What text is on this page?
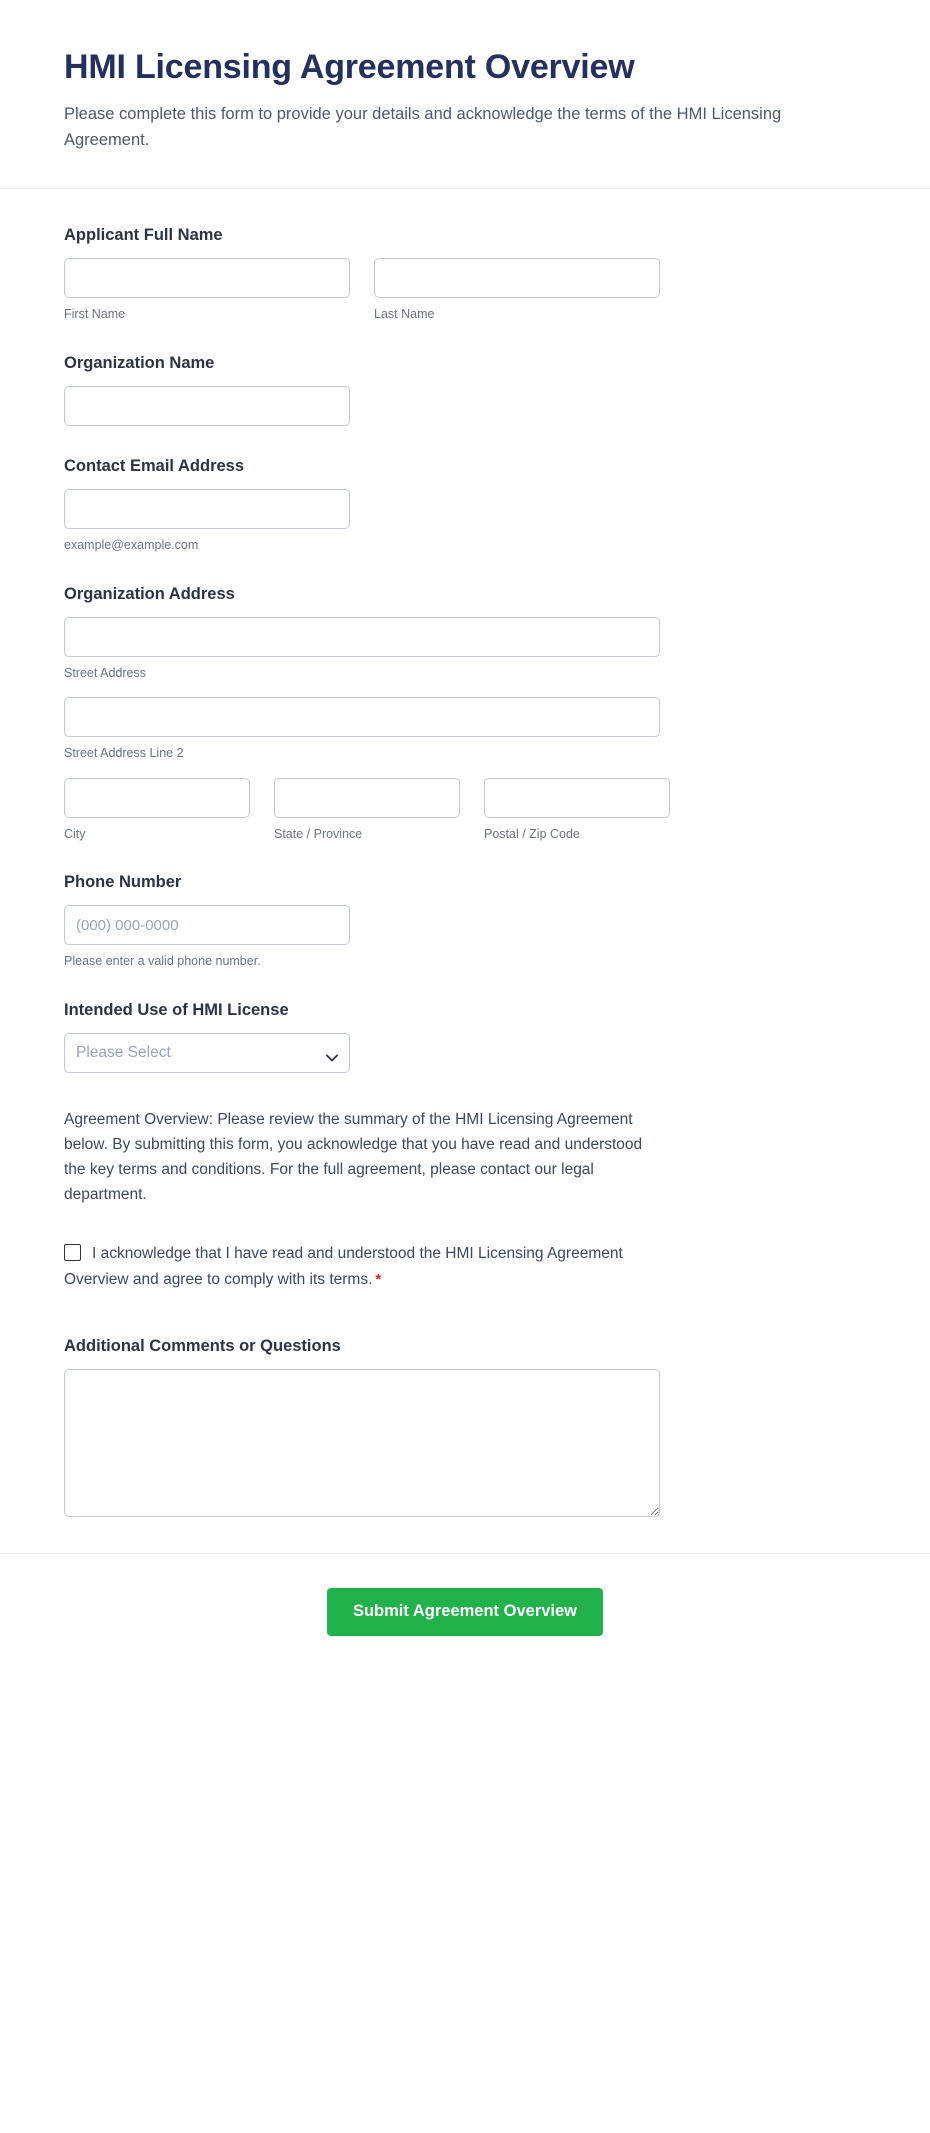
HMI Licensing Agreement Overview

Please complete this form to provide your details and acknowledge the terms of the HMI Licensing Agreement.

Applicant Full Name
First Name	Last Name
Organization Name
Contact Email Address
example@example.com
Organization Address
Street Address
Street Address Line 2
City	State / Province	Postal / Zip Code
Phone Number
(000) 000-0000
Please enter a valid phone number.
Intended Use of HMI License
Please Select

Agreement Overview: Please review the summary of the HMI Licensing Agreement below. By submitting this form, you acknowledge that you have read and understood the key terms and conditions. For the full agreement, please contact our legal department.

I acknowledge that I have read and understood the HMI Licensing Agreement Overview and agree to comply with its terms. *
Additional Comments or Questions
Submit Agreement Overview
